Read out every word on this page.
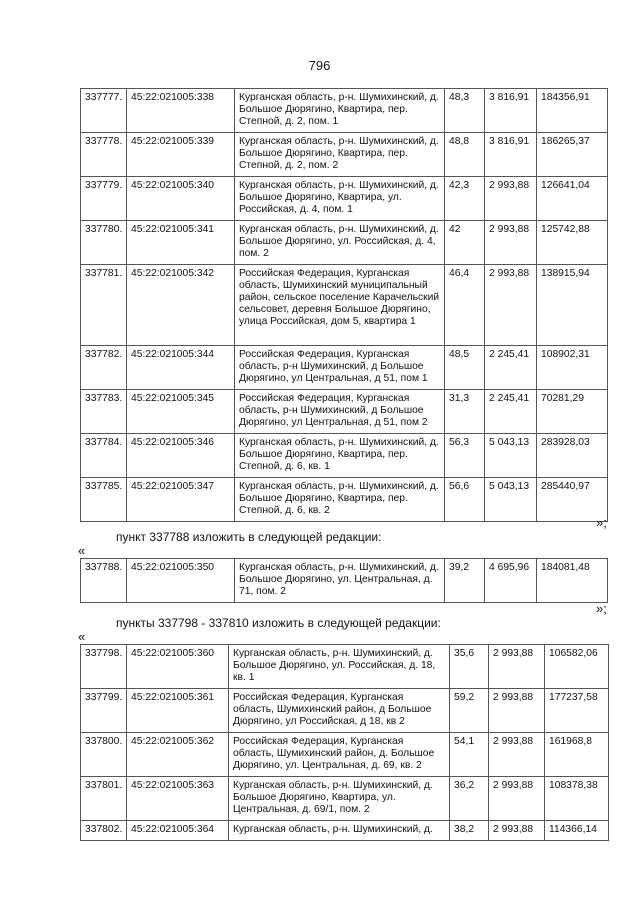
796
337777.	45:22:021005:338	Курганская область, р-н. Шумихинский, д. Большое Дюрягино, Квартира, пер. Степной, д. 2, пом. 1	48,3	3 816,91	184356,91
337778.	45:22:021005:339	Курганская область, р-н. Шумихинский, д. Большое Дюрягино, Квартира, пер. Степной, д. 2, пом. 2	48,8	3 816,91	186265,37
337779.	45:22:021005:340	Курганская область, р-н. Шумихинский, д. Большое Дюрягино, Квартира, ул. Российская, д. 4, пом. 1	42,3	2 993,88	126641,04
337780.	45:22:021005:341	Курганская область, р-н. Шумихинский, д. Большое Дюрягино, ул. Российская, д. 4, пом. 2	42	2 993,88	125742,88
337781.	45:22:021005:342	Российская Федерация, Курганская область, Шумихинский муниципальный район, сельское поселение Карачельский сельсовет, деревня Большое Дюрягино, улица Российская, дом 5, квартира 1	46,4	2 993,88	138915,94
337782.	45:22:021005:344	Российская Федерация, Курганская область, р-н Шумихинский, д Большое Дюрягино, ул Центральная, д 51, пом 1	48,5	2 245,41	108902,31
337783.	45:22:021005:345	Российская Федерация, Курганская область, р-н Шумихинский, д Большое Дюрягино, ул Центральная, д 51, пом 2	31,3	2 245,41	70281,29
337784.	45:22:021005:346	Курганская область, р-н. Шумихинский, д. Большое Дюрягино, Квартира, пер. Степной, д. 6, кв. 1	56,3	5 043,13	283928,03
337785.	45:22:021005:347	Курганская область, р-н. Шумихинский, д. Большое Дюрягино, Квартира, пер. Степной, д. 6, кв. 2	56,6	5 043,13	285440,97
»;
пункт 337788 изложить в следующей редакции:
«
337788.	45:22:021005:350	Курганская область, р-н. Шумихинский, д. Большое Дюрягино, ул. Центральная, д. 71, пом. 2	39,2	4 695,96	184081,48
»;
пункты 337798 - 337810 изложить в следующей редакции:
«
337798.	45:22:021005:360	Курганская область, р-н. Шумихинский, д. Большое Дюрягино, ул. Российская, д. 18, кв. 1	35,6	2 993,88	106582,06
337799.	45:22:021005:361	Российская Федерация, Курганская область, Шумихинский район, д Большое Дюрягино, ул Российская, д 18, кв 2	59,2	2 993,88	177237,58
337800.	45:22:021005:362	Российская Федерация, Курганская область, Шумихинский район, д. Большое Дюрягино, ул. Центральная, д. 69, кв. 2	54,1	2 993,88	161968,8
337801.	45:22:021005:363	Курганская область, р-н. Шумихинский, д. Большое Дюрягино, Квартира, ул. Центральная, д. 69/1, пом. 2	36,2	2 993,88	108378,38
337802.	45:22:021005:364	Курганская область, р-н. Шумихинский, д.	38,2	2 993,88	114366,14
